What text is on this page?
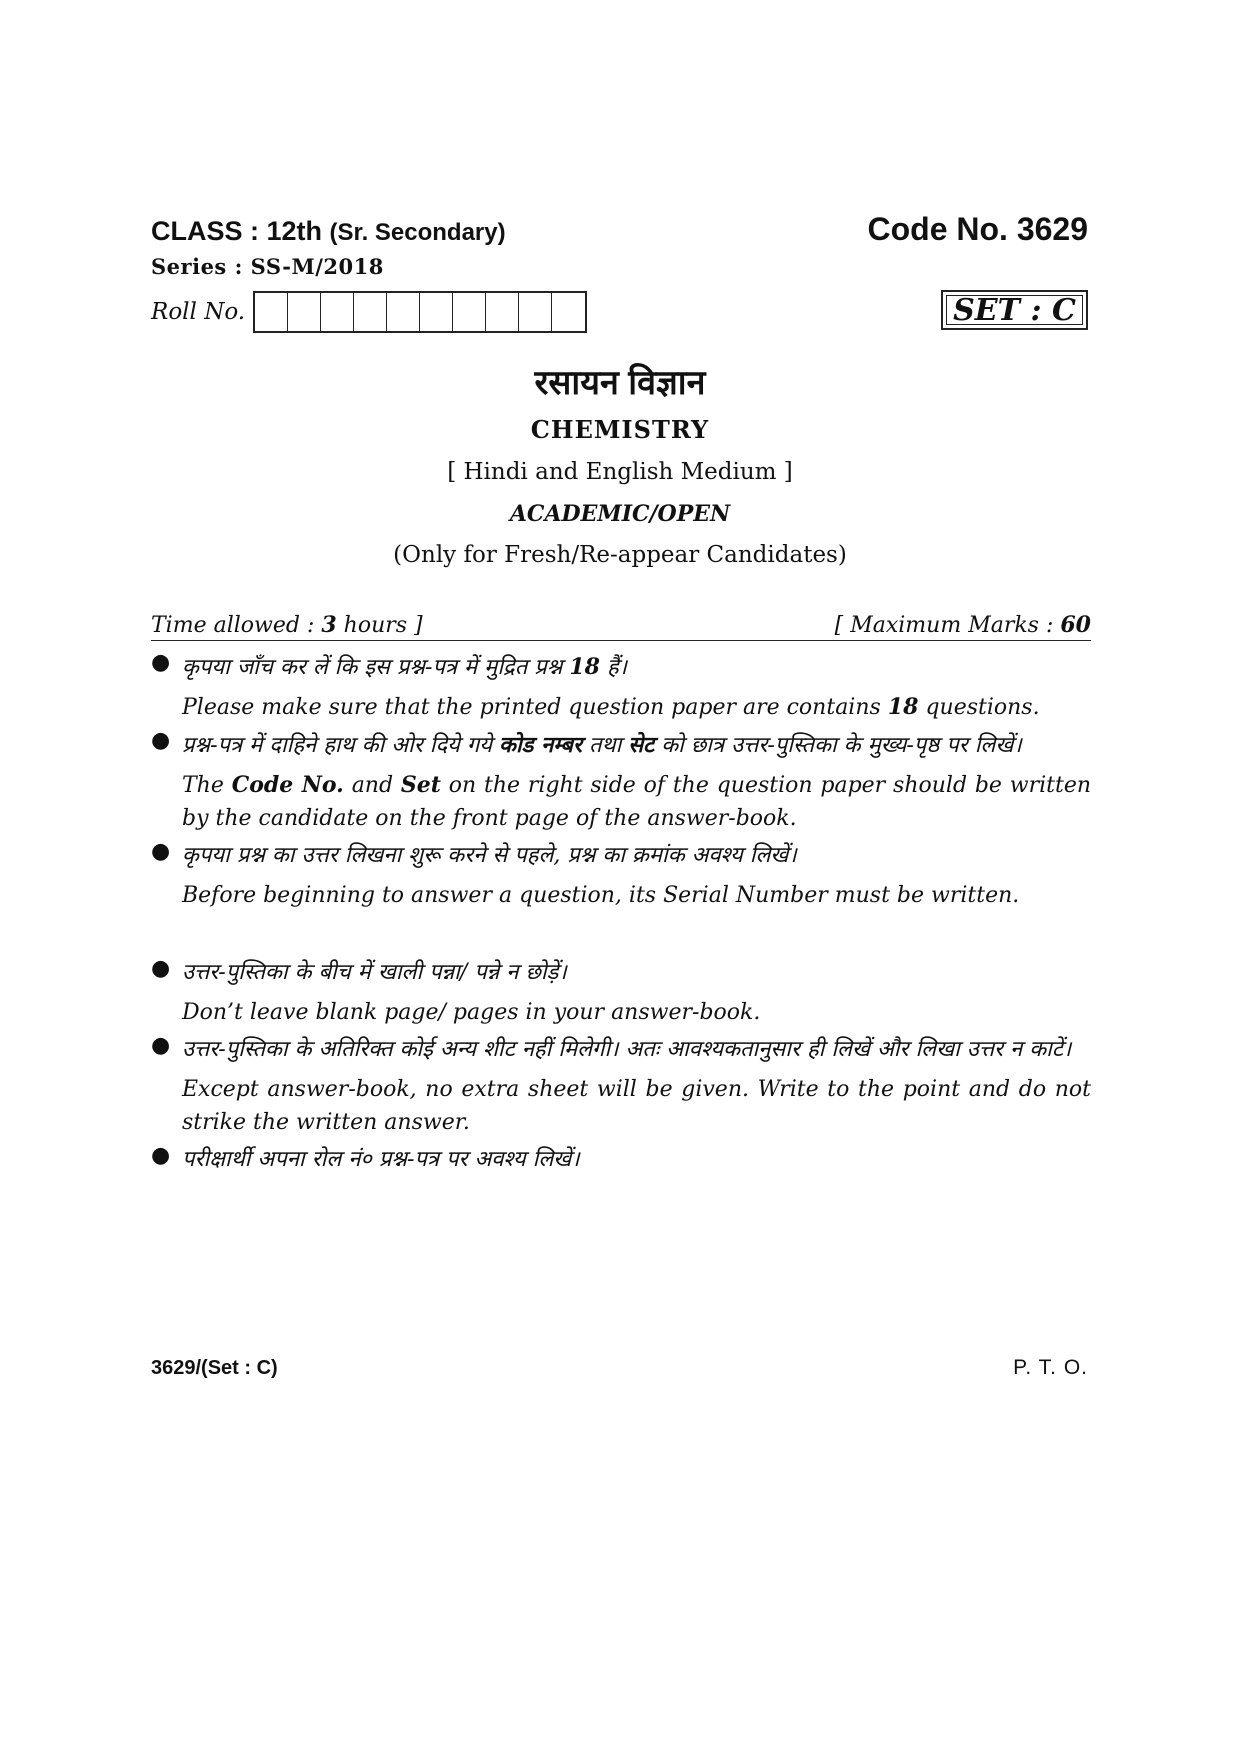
CLASS : 12th (Sr. Secondary)
Series : SS-M/2018
Code No. 3629
Roll No.	SET : C
रसायन विज्ञान
CHEMISTRY
[ Hindi and English Medium ]
ACADEMIC/OPEN
(Only for Fresh/Re-appear Candidates)
Time allowed : 3 hours ]	[ Maximum Marks : 60
● कृपया जाँच कर लें कि इस प्रश्न-पत्र में मुद्रित प्रश्न 18 हैं।
Please make sure that the printed question paper are contains 18 questions.
● प्रश्न-पत्र में दाहिने हाथ की ओर दिये गये कोड नम्बर तथा सेट को छात्र उत्तर-पुस्तिका के मुख्य-पृष्ठ पर लिखें।
The Code No. and Set on the right side of the question paper should be written by the candidate on the front page of the answer-book.
● कृपया प्रश्न का उत्तर लिखना शुरू करने से पहले, प्रश्न का क्रमांक अवश्य लिखें।
Before beginning to answer a question, its Serial Number must be written.
● उत्तर-पुस्तिका के बीच में खाली पन्ना/ पन्ने न छोड़ें।
Don’t leave blank page/ pages in your answer-book.
● उत्तर-पुस्तिका के अतिरिक्त कोई अन्य शीट नहीं मिलेगी। अतः आवश्यकतानुसार ही लिखें और लिखा उत्तर न काटें।
Except answer-book, no extra sheet will be given. Write to the point and do not strike the written answer.
● परीक्षार्थी अपना रोल नं० प्रश्न-पत्र पर अवश्य लिखें।
3629/(Set : C)	P. T. O.
